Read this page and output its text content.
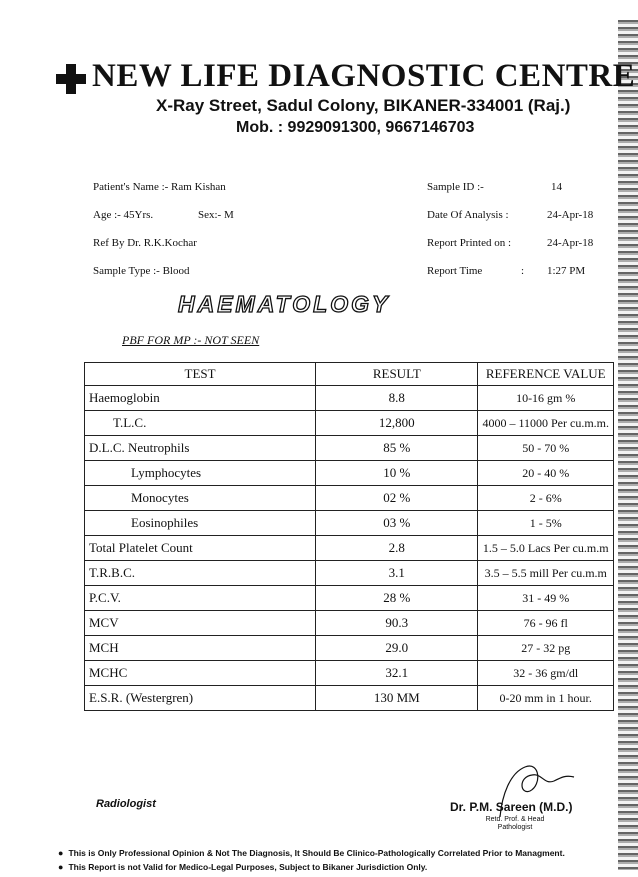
NEW LIFE DIAGNOSTIC CENTRE
X-Ray Street, Sadul Colony, BIKANER-334001 (Raj.)
Mob. : 9929091300, 9667146703
Patient's Name :- Ram Kishan
Age :- 45Yrs.	Sex:- M
Ref By Dr. R.K.Kochar
Sample Type :- Blood
Sample ID :-	14
Date Of Analysis :	24-Apr-18
Report Printed on :	24-Apr-18
Report Time	: 1:27 PM
HAEMATOLOGY
PBF FOR MP :- NOT SEEN
TEST	RESULT	REFERENCE VALUE
Haemoglobin	8.8	10-16 gm %
T.L.C.	12,800	4000 – 11000 Per cu.m.m.
D.L.C. Neutrophils	85 %	50 - 70 %
Lymphocytes	10 %	20 - 40 %
Monocytes	02 %	2 - 6%
Eosinophiles	03 %	1 - 5%
Total Platelet Count	2.8	1.5 – 5.0 Lacs Per cu.m.m
T.R.B.C.	3.1	3.5 – 5.5 mill Per cu.m.m
P.C.V.	28 %	31 - 49 %
MCV	90.3	76 - 96 fl
MCH	29.0	27 - 32 pg
MCHC	32.1	32 - 36 gm/dl
E.S.R. (Westergren)	130 MM	0-20 mm in 1 hour.
Radiologist	Dr. P.M. Sareen (M.D.)
Retd. Prof. & Head Pathologist
● This is Only Professional Opinion & Not The Diagnosis, It Should Be Clinico-Pathologically Correlated Prior to Managment.
● This Report is not Valid for Medico-Legal Purposes, Subject to Bikaner Jurisdiction Only.
